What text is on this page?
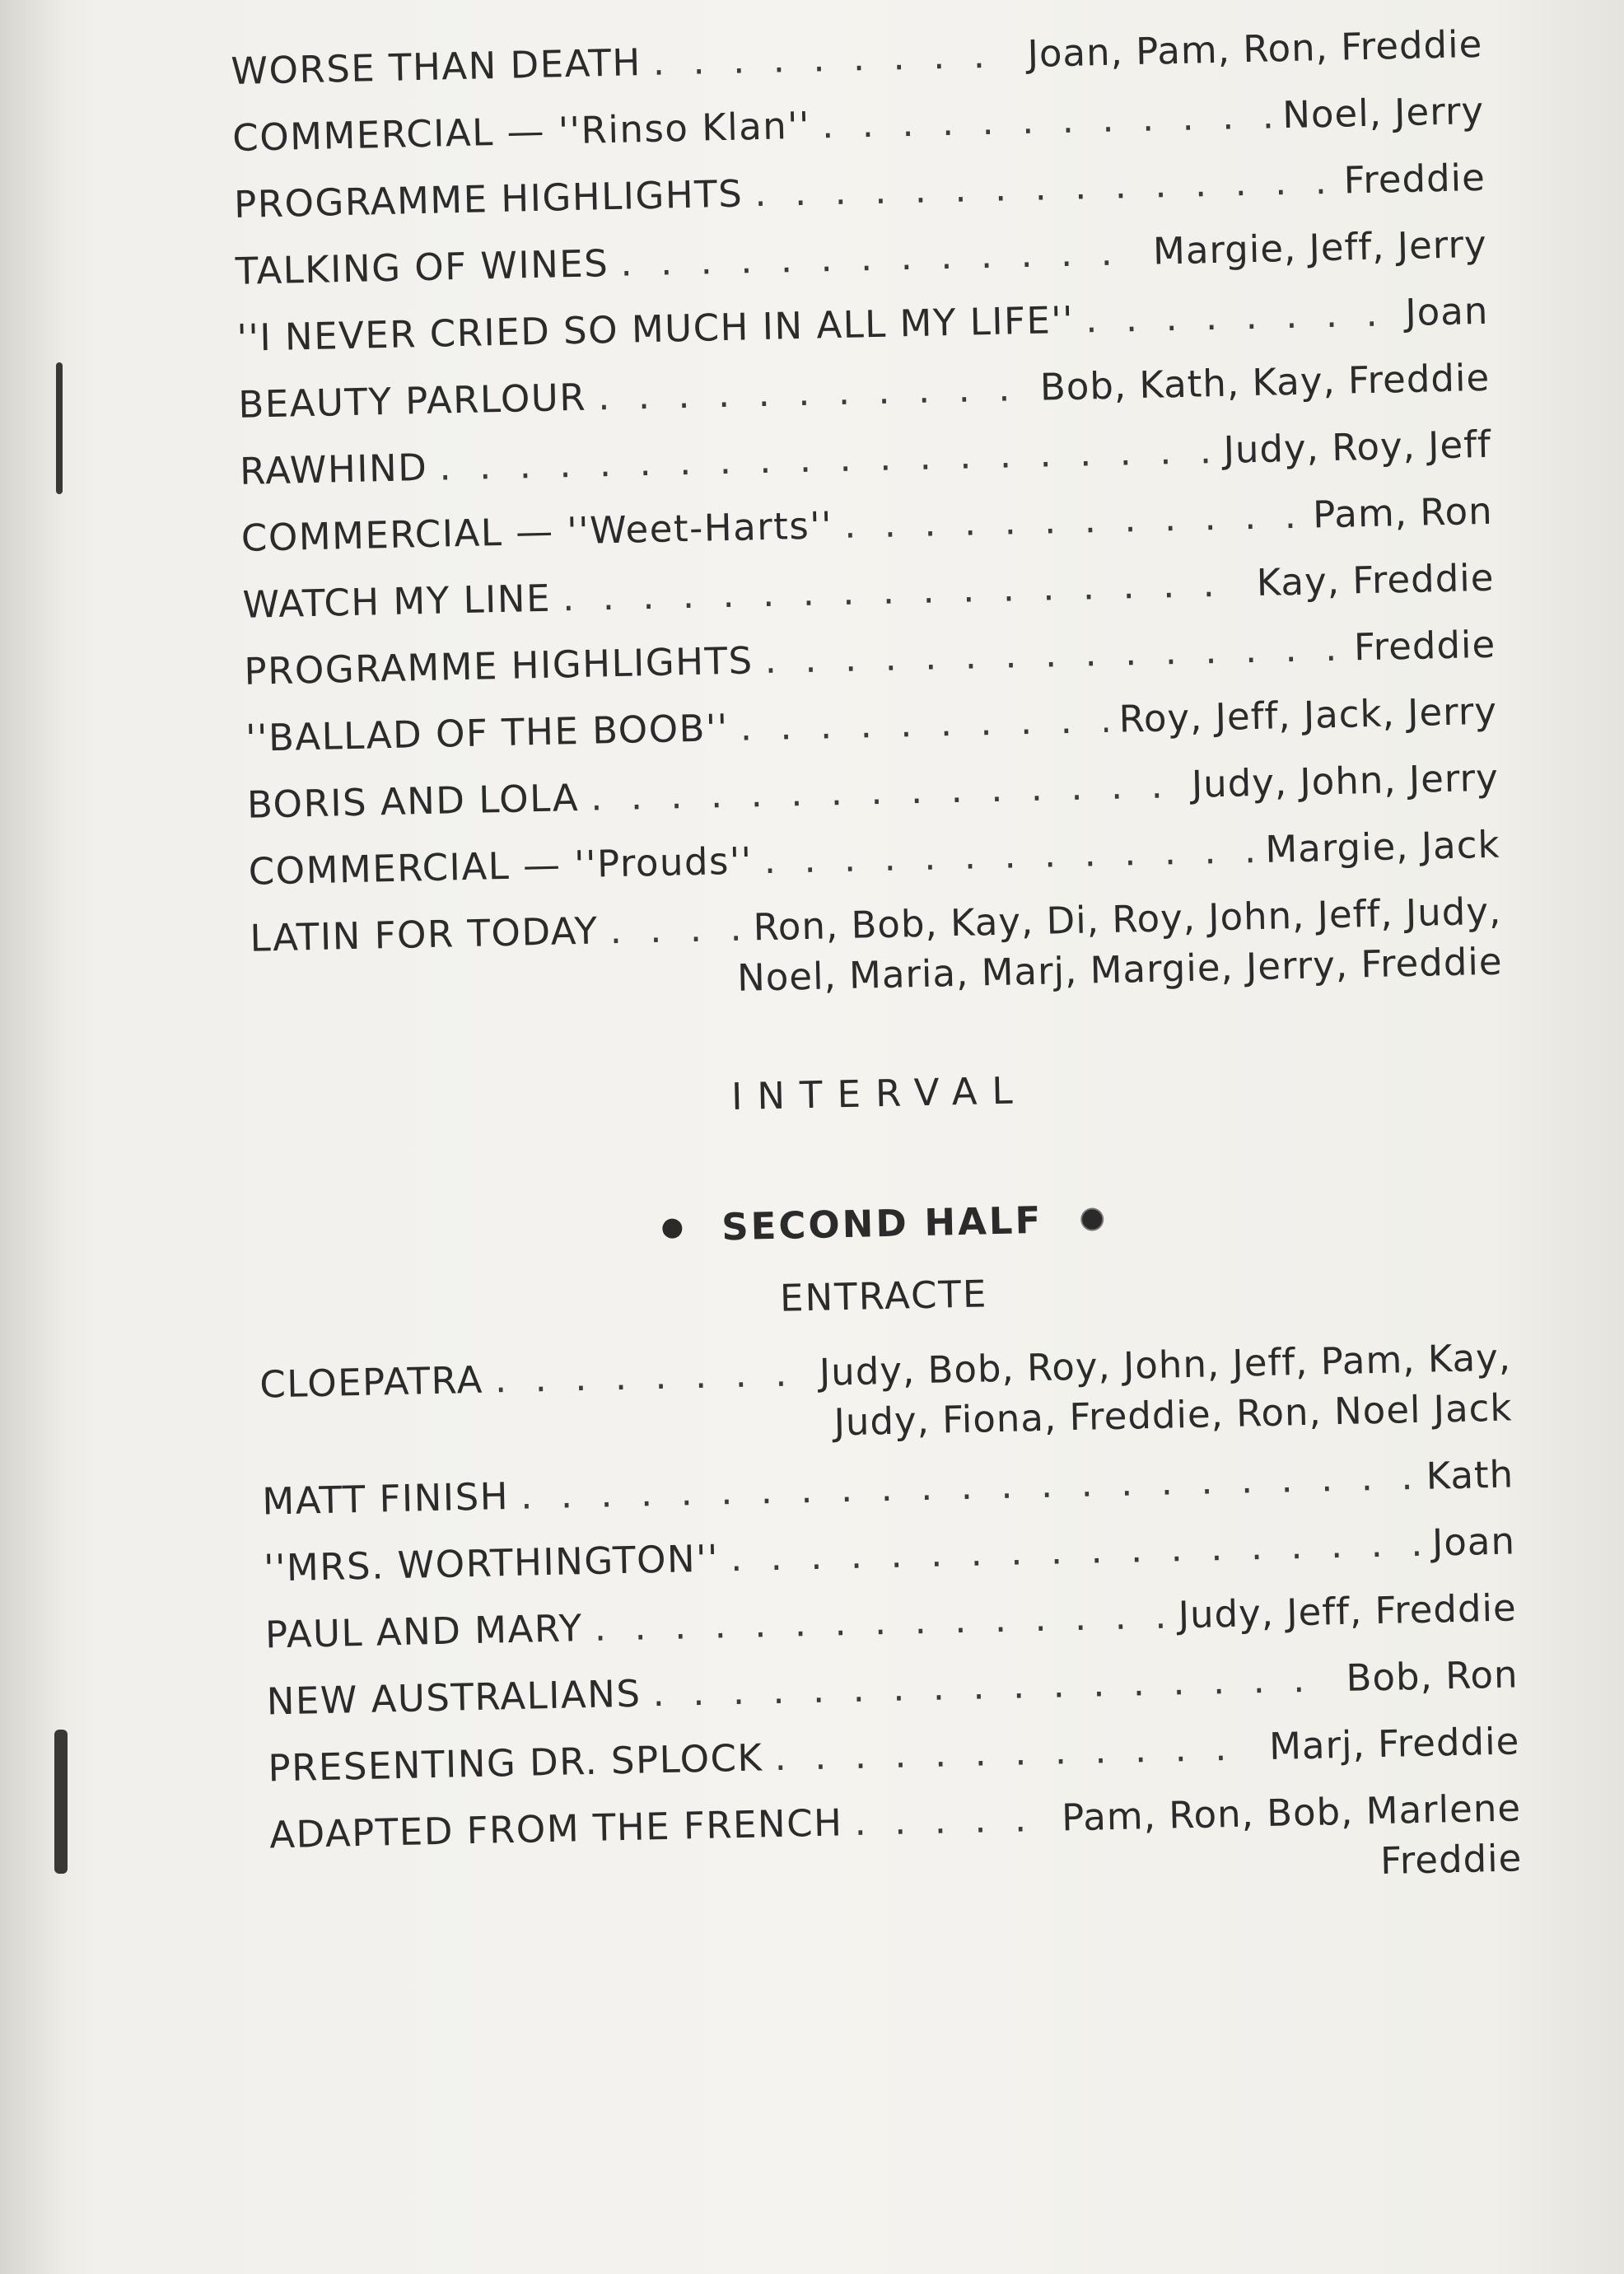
WORSE THAN DEATH . . .	Joan, Pam, Ron, Freddie
COMMERCIAL — ''Rinso Klan'' . . .	Noel, Jerry
PROGRAMME HIGHLIGHTS . . .	Freddie
TALKING OF WINES . . .	Margie, Jeff, Jerry
''I NEVER CRIED SO MUCH IN ALL MY LIFE'' . . .	Joan
BEAUTY PARLOUR . . .	Bob, Kath, Kay, Freddie
RAWHIND . . .	Judy, Roy, Jeff
COMMERCIAL — ''Weet-Harts'' . . .	Pam, Ron
WATCH MY LINE . . .	Kay, Freddie
PROGRAMME HIGHLIGHTS . . .	Freddie
''BALLAD OF THE BOOB'' . . .	Roy, Jeff, Jack, Jerry
BORIS AND LOLA . . .	Judy, John, Jerry
COMMERCIAL — ''Prouds'' . . .	Margie, Jack
LATIN FOR TODAY . . .	Ron, Bob, Kay, Di, Roy, John, Jeff, Judy,
Noel, Maria, Marj, Margie, Jerry, Freddie
INTERVAL
SECOND HALF
ENTRACTE
CLOEPATRA . . .	Judy, Bob, Roy, John, Jeff, Pam, Kay,
Judy, Fiona, Freddie, Ron, Noel Jack
MATT FINISH . . .	Kath
''MRS. WORTHINGTON'' . . .	Joan
PAUL AND MARY . . .	Judy, Jeff, Freddie
NEW AUSTRALIANS . . .	Bob, Ron
PRESENTING DR. SPLOCK . . .	Marj, Freddie
ADAPTED FROM THE FRENCH . . .	Pam, Ron, Bob, Marlene
Freddie
